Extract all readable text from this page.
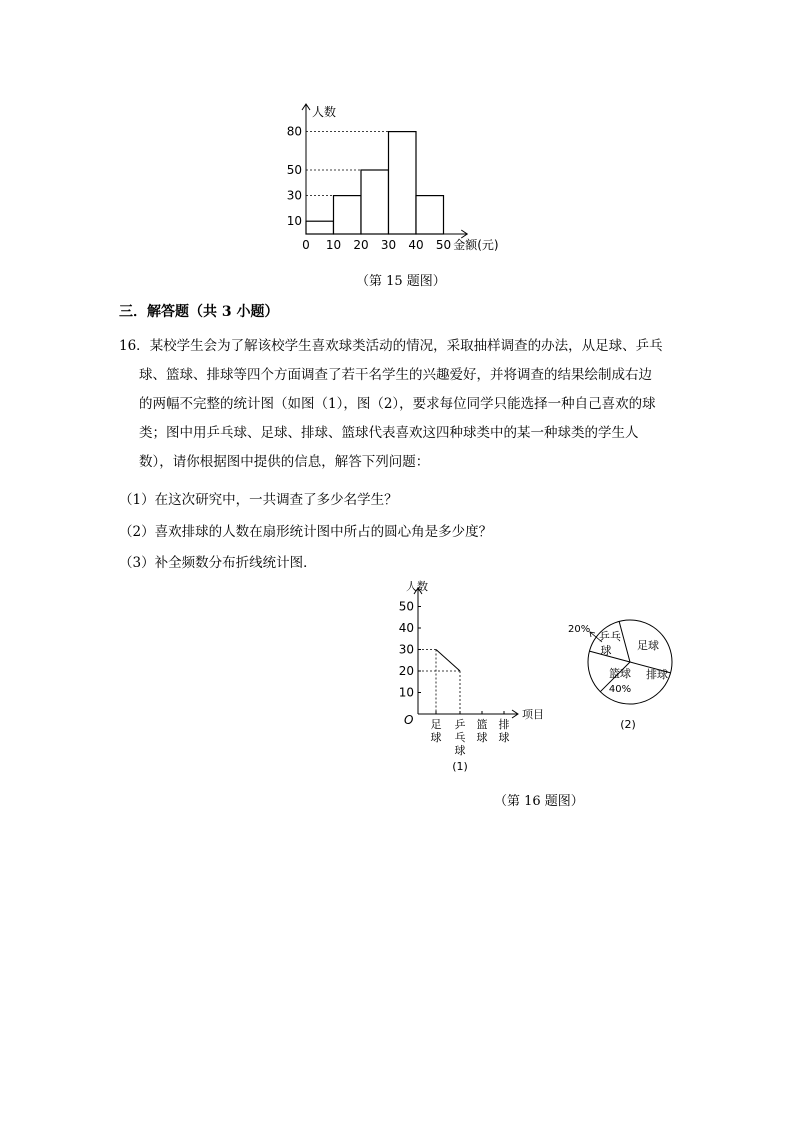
10
30
50
80
0 10 20 30 40 50 金额(元)
人数
（第 15 题图）
三．解答题（共 3 小题）
16．某校学生会为了解该校学生喜欢球类活动的情况，采取抽样调查的办法，从足球、乒乓
球、篮球、排球等四个方面调查了若干名学生的兴趣爱好，并将调查的结果绘制成右边
的两幅不完整的统计图（如图（1），图（2），要求每位同学只能选择一种自己喜欢的球
类；图中用乒乓球、足球、排球、篮球代表喜欢这四种球类中的某一种球类的学生人
数），请你根据图中提供的信息，解答下列问题：
（1）在这次研究中，一共调查了多少名学生？
（2）喜欢排球的人数在扇形统计图中所占的圆心角是多少度？
（3）补全频数分布折线统计图．
人数
项目
O
10
20
30
40
50
足
球
乒
乓
球
篮
球
排
球
(1)
乒乓
球 足球
排球
篮球
40%
20%
(2)
（第 16 题图）
